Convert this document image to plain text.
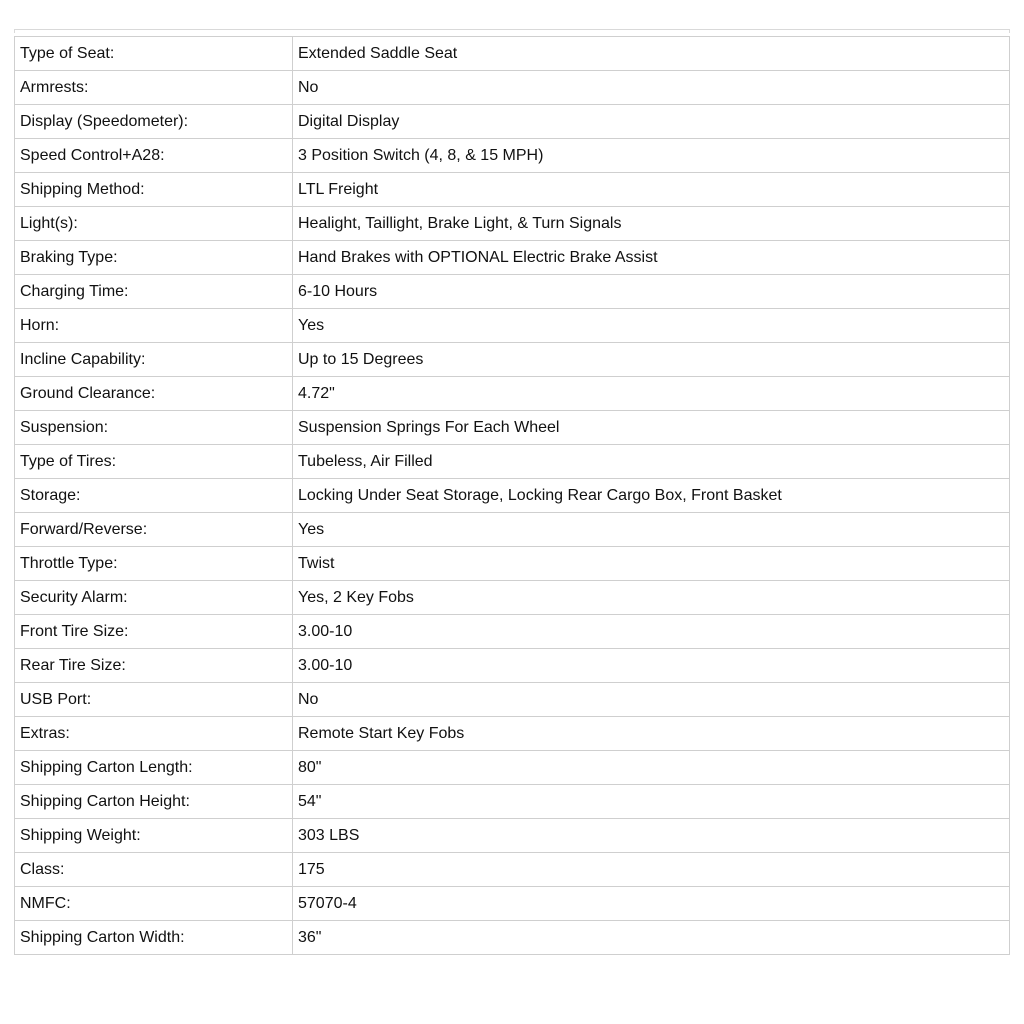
Type of Seat:	Extended Saddle Seat
Armrests:	No
Display (Speedometer):	Digital Display
Speed Control+A28:	3 Position Switch (4, 8, & 15 MPH)
Shipping Method:	LTL Freight
Light(s):	Healight, Taillight, Brake Light, & Turn Signals
Braking Type:	Hand Brakes with OPTIONAL Electric Brake Assist
Charging Time:	6-10 Hours
Horn:	Yes
Incline Capability:	Up to 15 Degrees
Ground Clearance:	4.72"
Suspension:	Suspension Springs For Each Wheel
Type of Tires:	Tubeless, Air Filled
Storage:	Locking Under Seat Storage, Locking Rear Cargo Box, Front Basket
Forward/Reverse:	Yes
Throttle Type:	Twist
Security Alarm:	Yes, 2 Key Fobs
Front Tire Size:	3.00-10
Rear Tire Size:	3.00-10
USB Port:	No
Extras:	Remote Start Key Fobs
Shipping Carton Length:	80"
Shipping Carton Height:	54"
Shipping Weight:	303 LBS
Class:	175
NMFC:	57070-4
Shipping Carton Width:	36"
